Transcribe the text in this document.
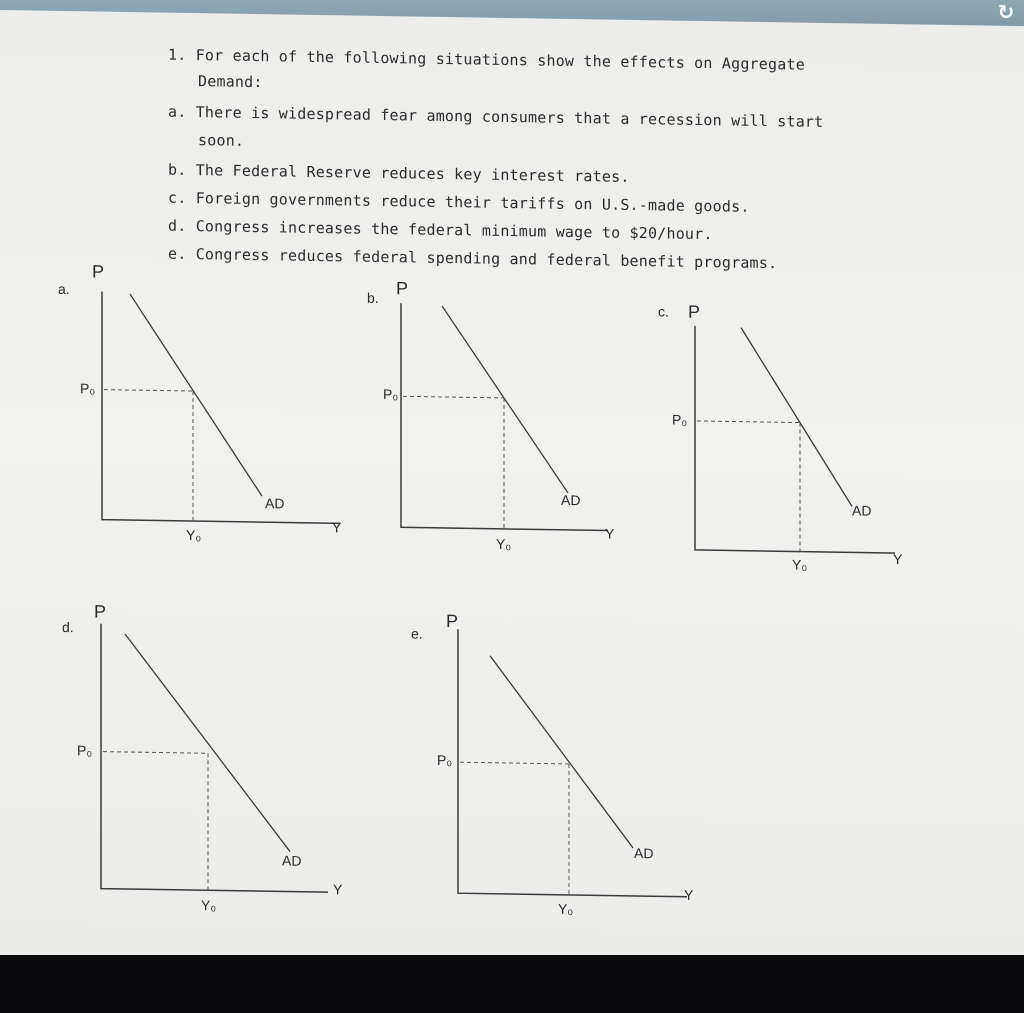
↻
1. For each of the following situations show the effects on Aggregate
Demand:
a. There is widespread fear among consumers that a recession will start
soon.
b. The Federal Reserve reduces key interest rates.
c. Foreign governments reduce their tariffs on U.S.-made goods.
d. Congress increases the federal minimum wage to $20/hour.
e. Congress reduces federal spending and federal benefit programs.
a.
P
P₀
AD
Y
Y₀
b. P
P₀
AD
Y
Y₀
c. P
P₀
AD
Y
Y₀
d.
P
P₀
AD
Y
Y₀
e.
P
P₀
AD
Y
Y₀
